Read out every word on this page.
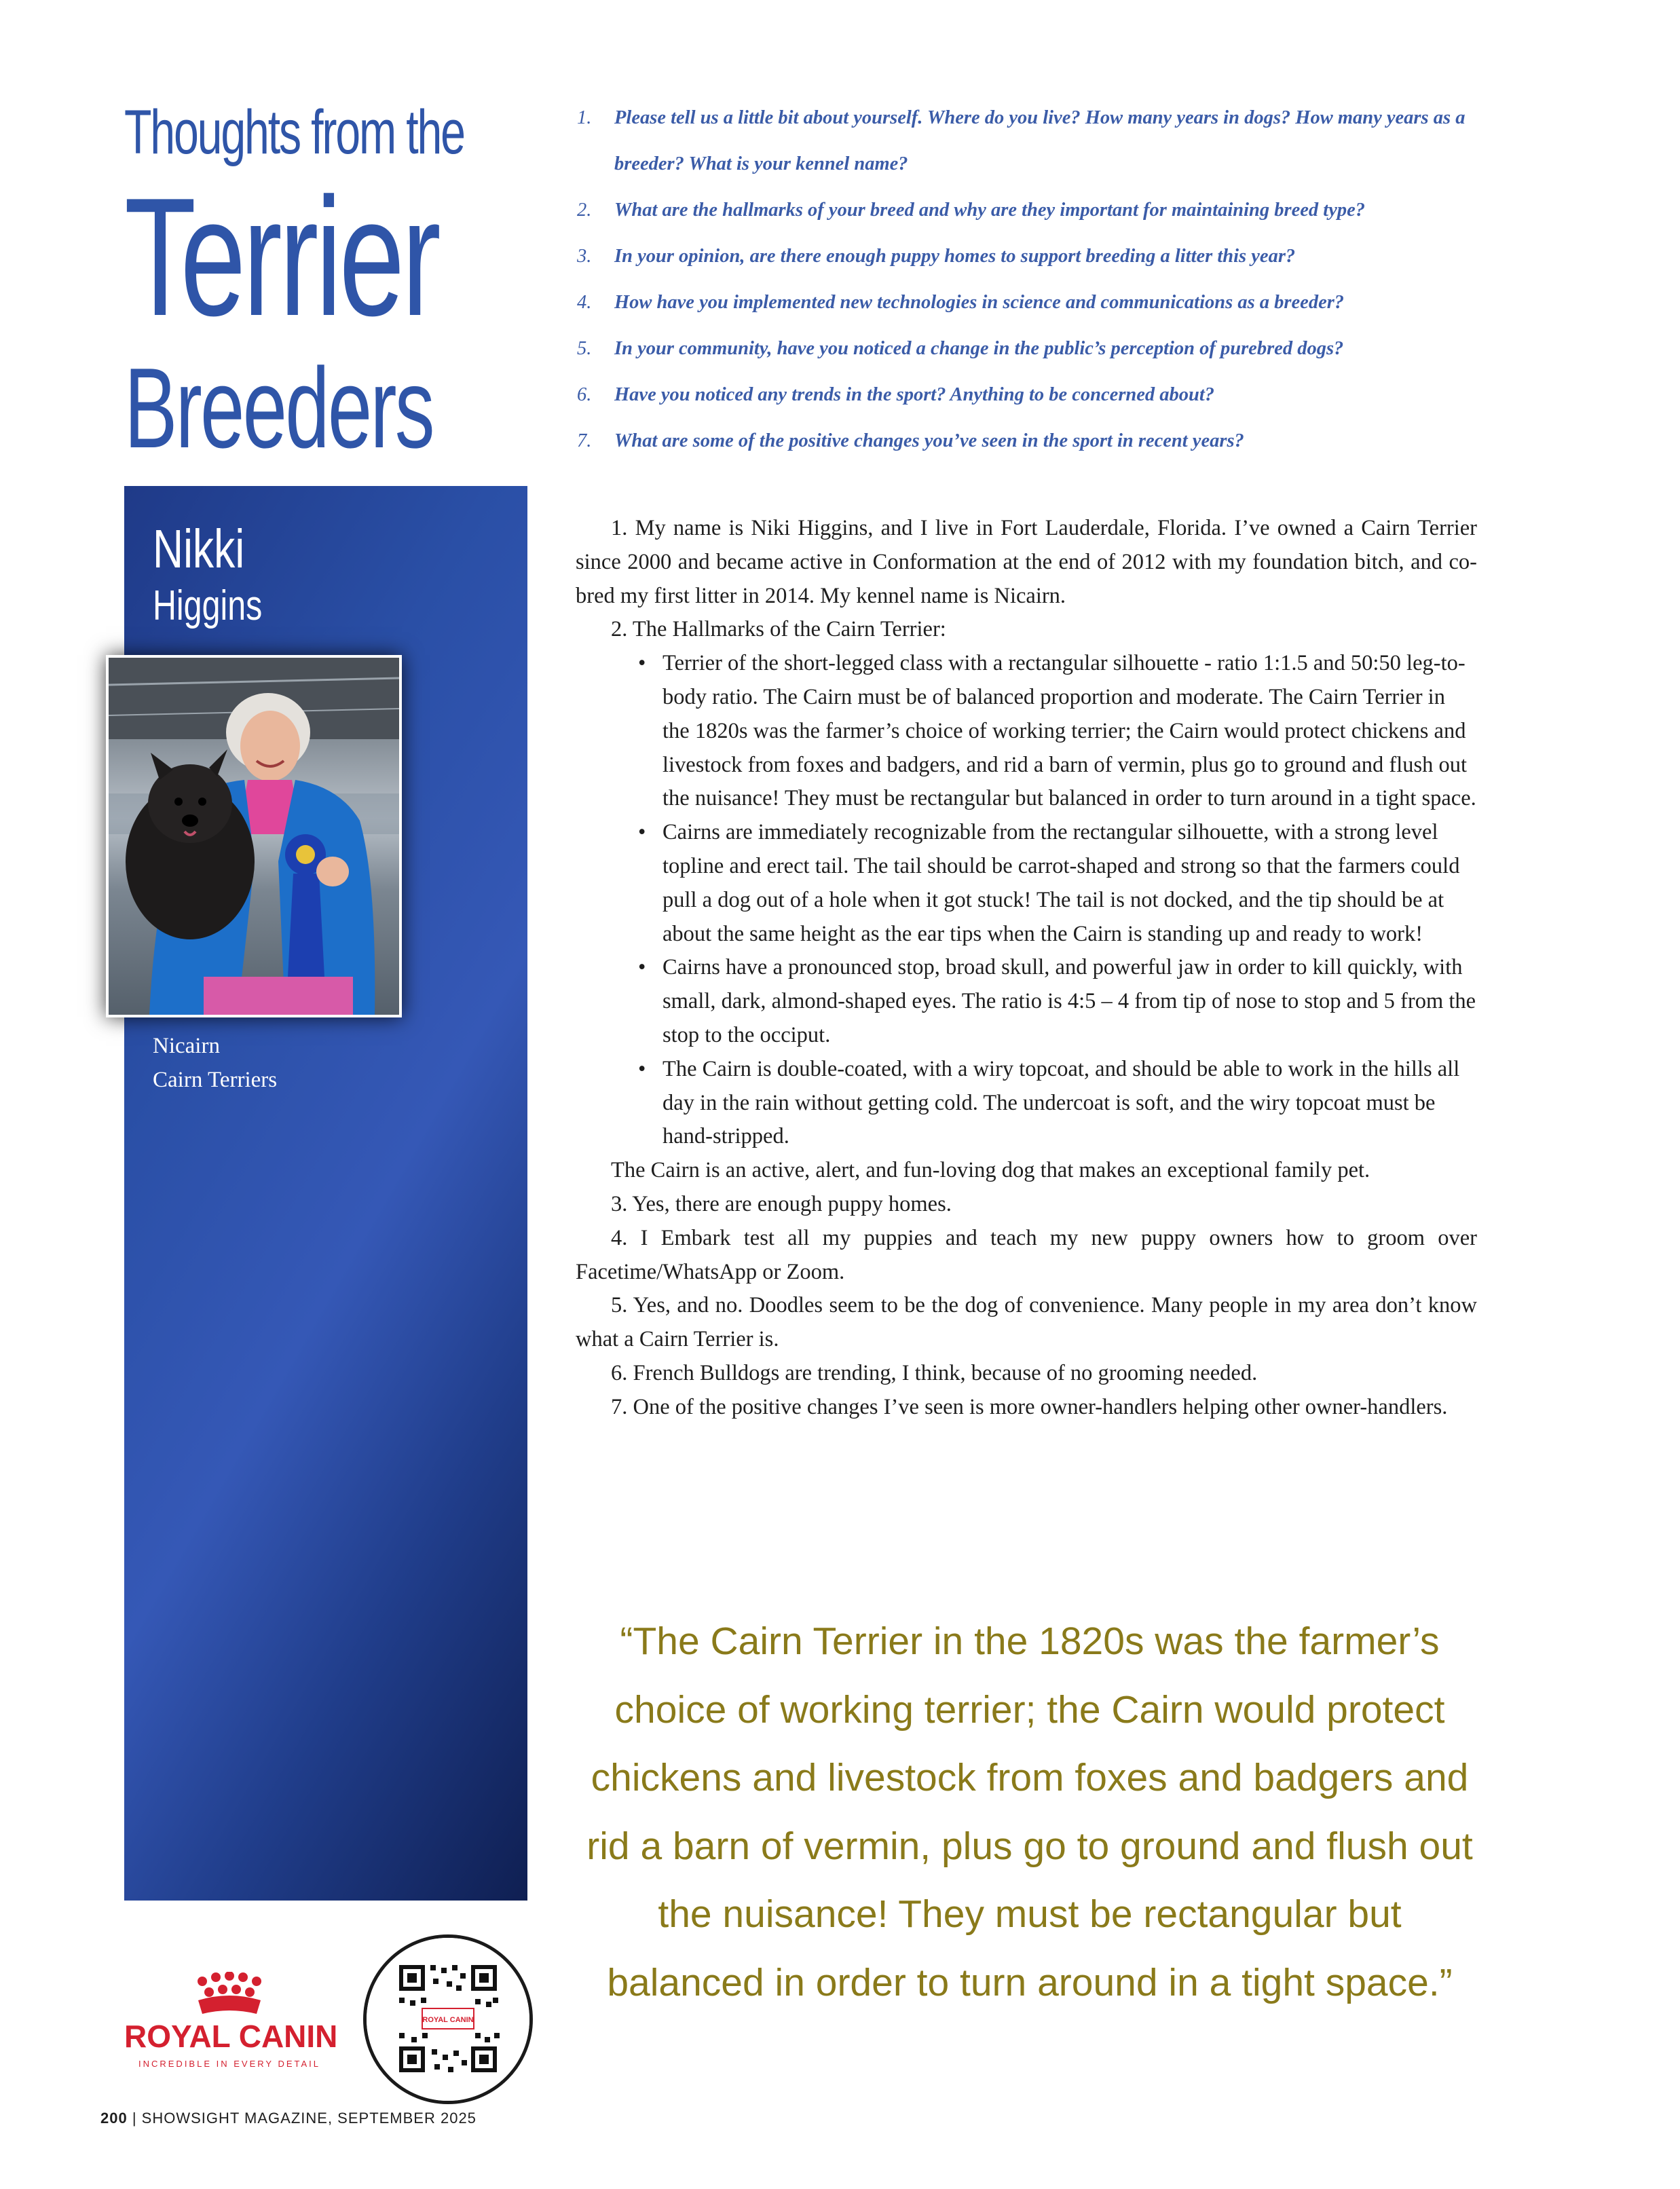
Thoughts from the
Terrier
Breeders
1. Please tell us a little bit about yourself. Where do you live? How many years in dogs? How many years as a breeder? What is your kennel name?
2. What are the hallmarks of your breed and why are they important for maintaining breed type?
3. In your opinion, are there enough puppy homes to support breeding a litter this year?
4. How have you implemented new technologies in science and communications as a breeder?
5. In your community, have you noticed a change in the public’s perception of purebred dogs?
6. Have you noticed any trends in the sport? Anything to be concerned about?
7. What are some of the positive changes you’ve seen in the sport in recent years?
Nikki
Higgins
Nicairn
Cairn Terriers

1. My name is Niki Higgins, and I live in Fort Lauderdale, Florida. I’ve owned a Cairn Terrier since 2000 and became active in Conformation at the end of 2012 with my foundation bitch, and co-bred my first litter in 2014. My kennel name is Nicairn.

2. The Hallmarks of the Cairn Terrier:

• Terrier of the short-legged class with a rectangular silhouette - ratio 1:1.5 and 50:50 leg-to-body ratio. The Cairn must be of balanced proportion and moderate. The Cairn Terrier in the 1820s was the farmer’s choice of working terrier; the Cairn would protect chickens and livestock from foxes and badgers, and rid a barn of vermin, plus go to ground and flush out the nuisance! They must be rectangular but balanced in order to turn around in a tight space.
• Cairns are immediately recognizable from the rectangular silhouette, with a strong level topline and erect tail. The tail should be carrot-shaped and strong so that the farmers could pull a dog out of a hole when it got stuck! The tail is not docked, and the tip should be at about the same height as the ear tips when the Cairn is standing up and ready to work!
• Cairns have a pronounced stop, broad skull, and powerful jaw in order to kill quickly, with small, dark, almond-shaped eyes. The ratio is 4:5 – 4 from tip of nose to stop and 5 from the stop to the occiput.
• The Cairn is double-coated, with a wiry topcoat, and should be able to work in the hills all day in the rain without getting cold. The undercoat is soft, and the wiry topcoat must be hand-stripped.

The Cairn is an active, alert, and fun-loving dog that makes an exceptional family pet.

3. Yes, there are enough puppy homes.

4. I Embark test all my puppies and teach my new puppy owners how to groom over Facetime/WhatsApp or Zoom.

5. Yes, and no. Doodles seem to be the dog of convenience. Many people in my area don’t know what a Cairn Terrier is.

6. French Bulldogs are trending, I think, because of no grooming needed.

7. One of the positive changes I’ve seen is more owner-handlers helping other owner-handlers.

“The Cairn Terrier in the 1820s was the farmer’s choice of working terrier; the Cairn would protect chickens and livestock from foxes and badgers and rid a barn of vermin, plus go to ground and flush out the nuisance! They must be rectangular but balanced in order to turn around in a tight space.”
ROYAL CANIN
INCREDIBLE IN EVERY DETAIL
ROYAL CANIN
200 | SHOWSIGHT MAGAZINE, SEPTEMBER 2025
